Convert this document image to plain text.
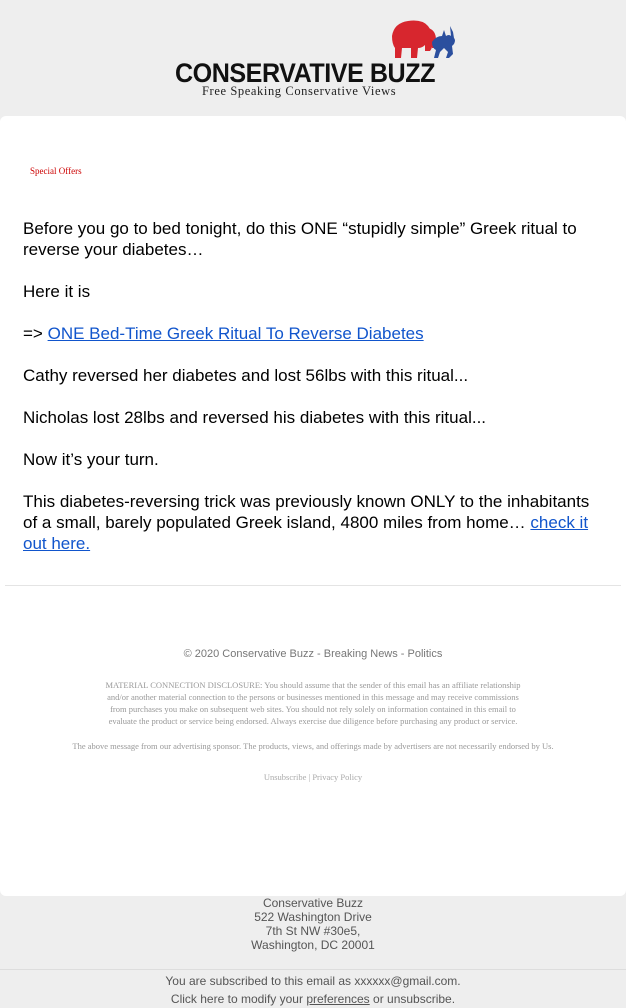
CONSERVATIVE BUZZ
Free Speaking Conservative Views
Special Offers

Before you go to bed tonight, do this ONE “stupidly simple” Greek ritual to reverse your diabetes…

Here it is

=> ONE Bed-Time Greek Ritual To Reverse Diabetes

Cathy reversed her diabetes and lost 56lbs with this ritual...

Nicholas lost 28lbs and reversed his diabetes with this ritual...

Now it’s your turn.

This diabetes-reversing trick was previously known ONLY to the inhabitants of a small, barely populated Greek island, 4800 miles from home… check it out here.

© 2020 Conservative Buzz - Breaking News - Politics
MATERIAL CONNECTION DISCLOSURE: You should assume that the sender of this email has an affiliate relationship and/or another material connection to the persons or businesses mentioned in this message and may receive commissions from purchases you make on subsequent web sites. You should not rely solely on information contained in this email to evaluate the product or service being endorsed. Always exercise due diligence before purchasing any product or service.
The above message from our advertising sponsor. The products, views, and offerings made by advertisers are not necessarily endorsed by Us.
Unsubscribe | Privacy Policy
Conservative Buzz
522 Washington Drive
7th St NW #30e5,
Washington, DC 20001
You are subscribed to this email as xxxxxx@gmail.com.
Click here to modify your preferences or unsubscribe.
